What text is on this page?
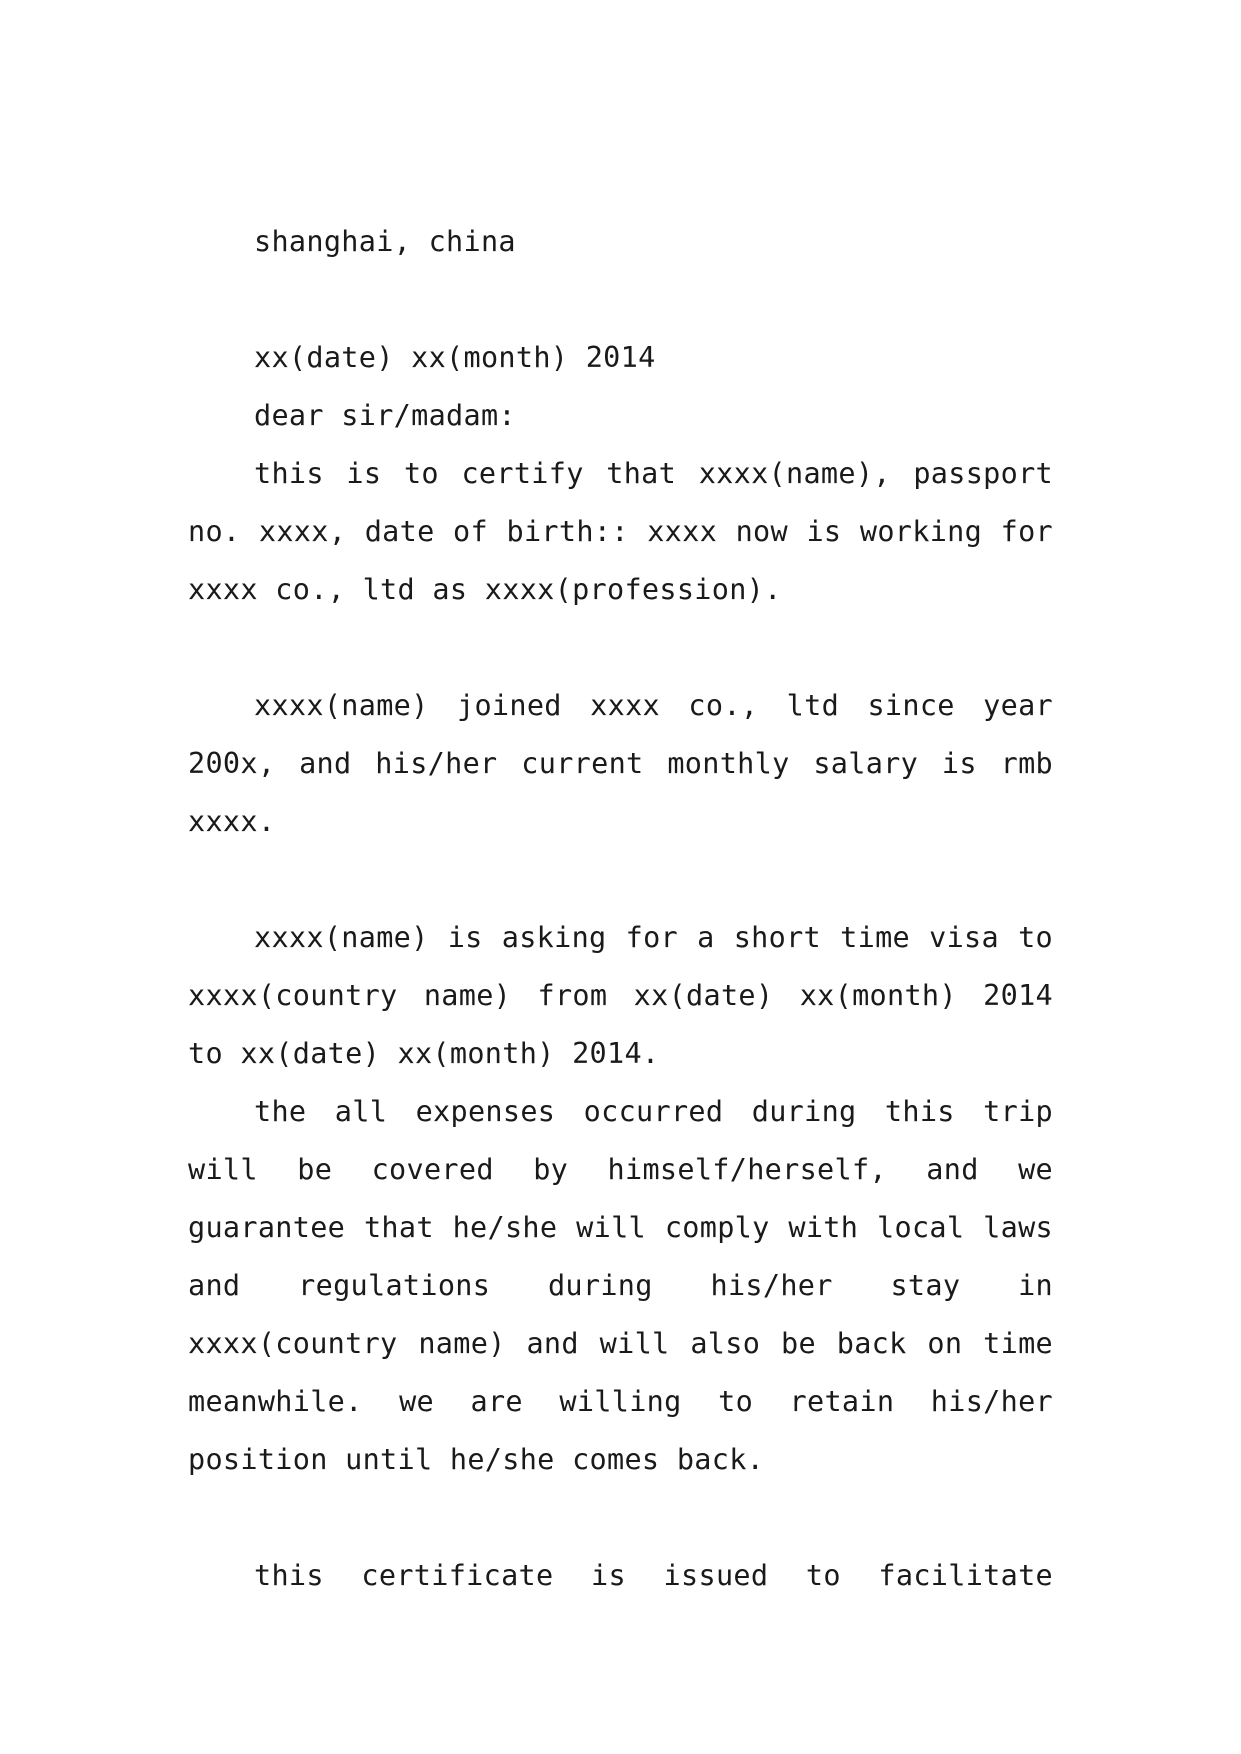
shanghai, china

xx(date) xx(month) 2014

dear sir/madam:

this is to certify that xxxx(name), passport no. xxxx, date of birth:: xxxx now is working for xxxx co., ltd as xxxx(profession).

xxxx(name) joined xxxx co., ltd since year 200x, and his/her current monthly salary is rmb xxxx.

xxxx(name) is asking for a short time visa to xxxx(country name) from xx(date) xx(month) 2014 to xx(date) xx(month) 2014.

the all expenses occurred during this trip will be covered by himself/herself, and we guarantee that he/she will comply with local laws and regulations during his/her stay in xxxx(country name) and will also be back on time meanwhile. we are willing to retain his/her position until he/she comes back.

this certificate is issued to facilitate
